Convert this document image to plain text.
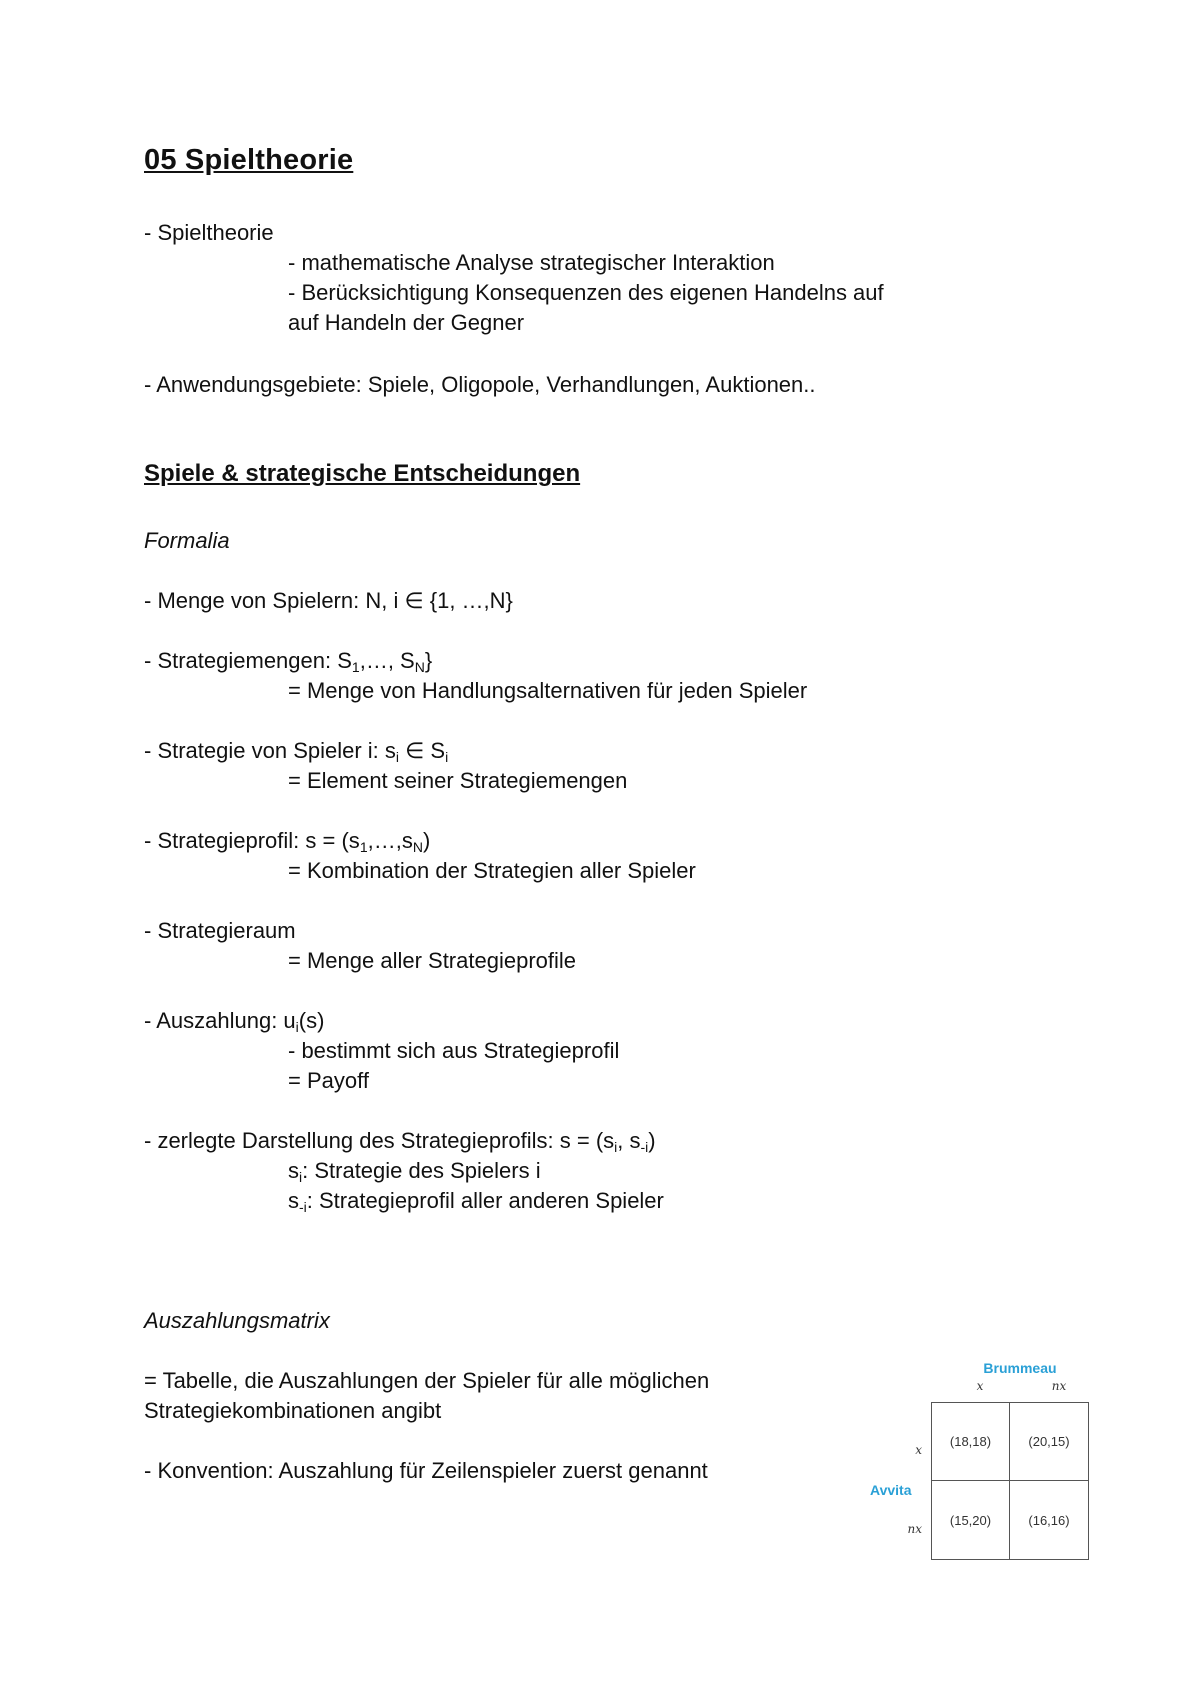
05 Spieltheorie
- Spieltheorie
- mathematische Analyse strategischer Interaktion
- Berücksichtigung Konsequenzen des eigenen Handelns auf
auf Handeln der Gegner
- Anwendungsgebiete: Spiele, Oligopole, Verhandlungen, Auktionen..
Spiele & strategische Entscheidungen
Formalia
- Menge von Spielern: N, i ∈ {1, …,N}
- Strategiemengen: $S_1,\dots$, $S_N$}
= Menge von Handlungsalternativen für jeden Spieler
- Strategie von Spieler i: $s_i$ ∈ $S_i$
= Element seiner Strategiemengen
- Strategieprofil: $s = (s_1,\dots,s_N)$
= Kombination der Strategien aller Spieler
- Strategieraum
= Menge aller Strategieprofile
- Auszahlung: $u_i(s)$
- bestimmt sich aus Strategieprofil
= Payoff
- zerlegte Darstellung des Strategieprofils: $s = (s_i$, $s_{-i}$)
$s_i$: Strategie des Spielers i
$s_{-i}$: Strategieprofil aller anderen Spieler
Auszahlungsmatrix
= Tabelle, die Auszahlungen der Spieler für alle möglichen
Strategiekombinationen angibt
- Konvention: Auszahlung für Zeilenspieler zuerst genannt
Brummeau
x	nx
Avvita
x
nx
(18,18)	(20,15)
(15,20)	(16,16)
